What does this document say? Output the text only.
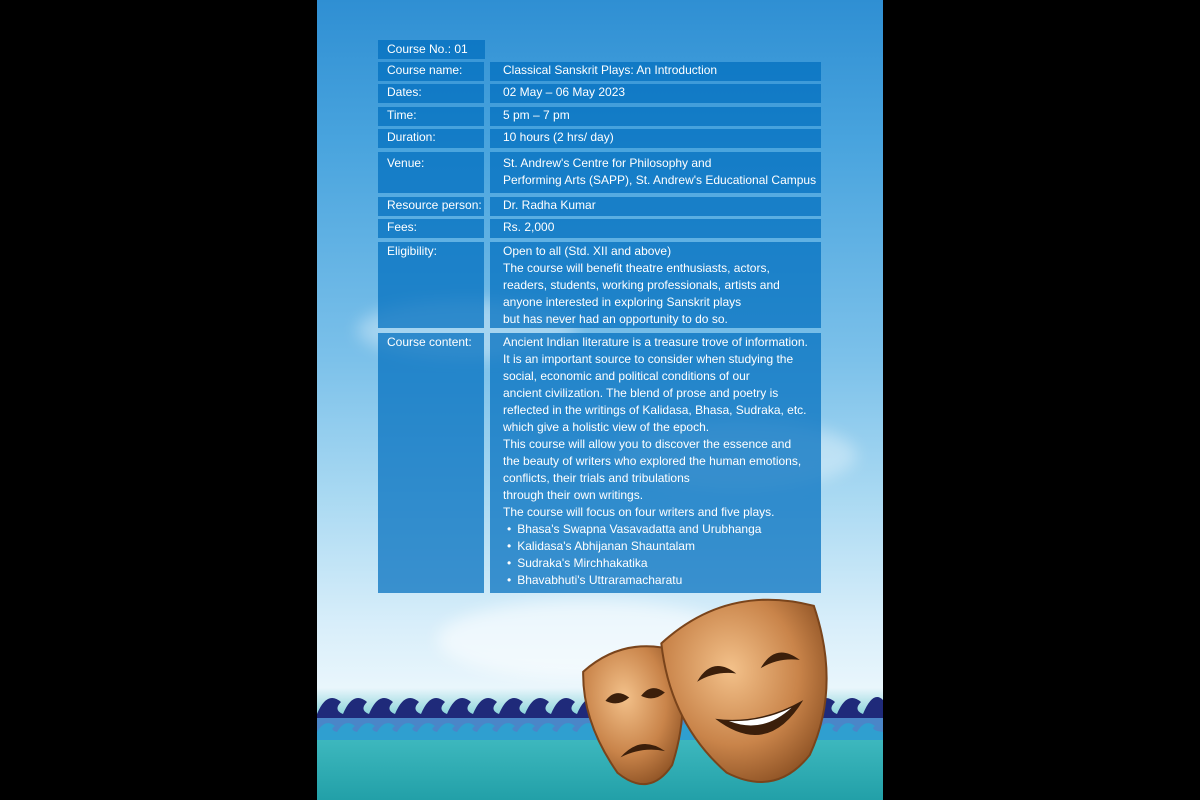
Course No.: 01
Course name:	Classical Sanskrit Plays: An Introduction
Dates:	02 May – 06 May 2023
Time:	5 pm – 7 pm
Duration:	10 hours (2 hrs/ day)
Venue:	St. Andrew's Centre for Philosophy and
Performing Arts (SAPP), St. Andrew's Educational Campus
Resource person:	Dr. Radha Kumar
Fees:	Rs. 2,000
Eligibility:	Open to all (Std. XII and above)
The course will benefit theatre enthusiasts, actors,
readers, students, working professionals, artists and
anyone interested in exploring Sanskrit plays
but has never had an opportunity to do so.
Course content:	Ancient Indian literature is a treasure trove of information.
It is an important source to consider when studying the
social, economic and political conditions of our
ancient civilization. The blend of prose and poetry is
reflected in the writings of Kalidasa, Bhasa, Sudraka, etc.
which give a holistic view of the epoch.
This course will allow you to discover the essence and
the beauty of writers who explored the human emotions,
conflicts, their trials and tribulations
through their own writings.
The course will focus on four writers and five plays.
• Bhasa's Swapna Vasavadatta and Urubhanga
• Kalidasa's Abhijanan Shauntalam
• Sudraka's Mirchhakatika
• Bhavabhuti's Uttraramacharatu
